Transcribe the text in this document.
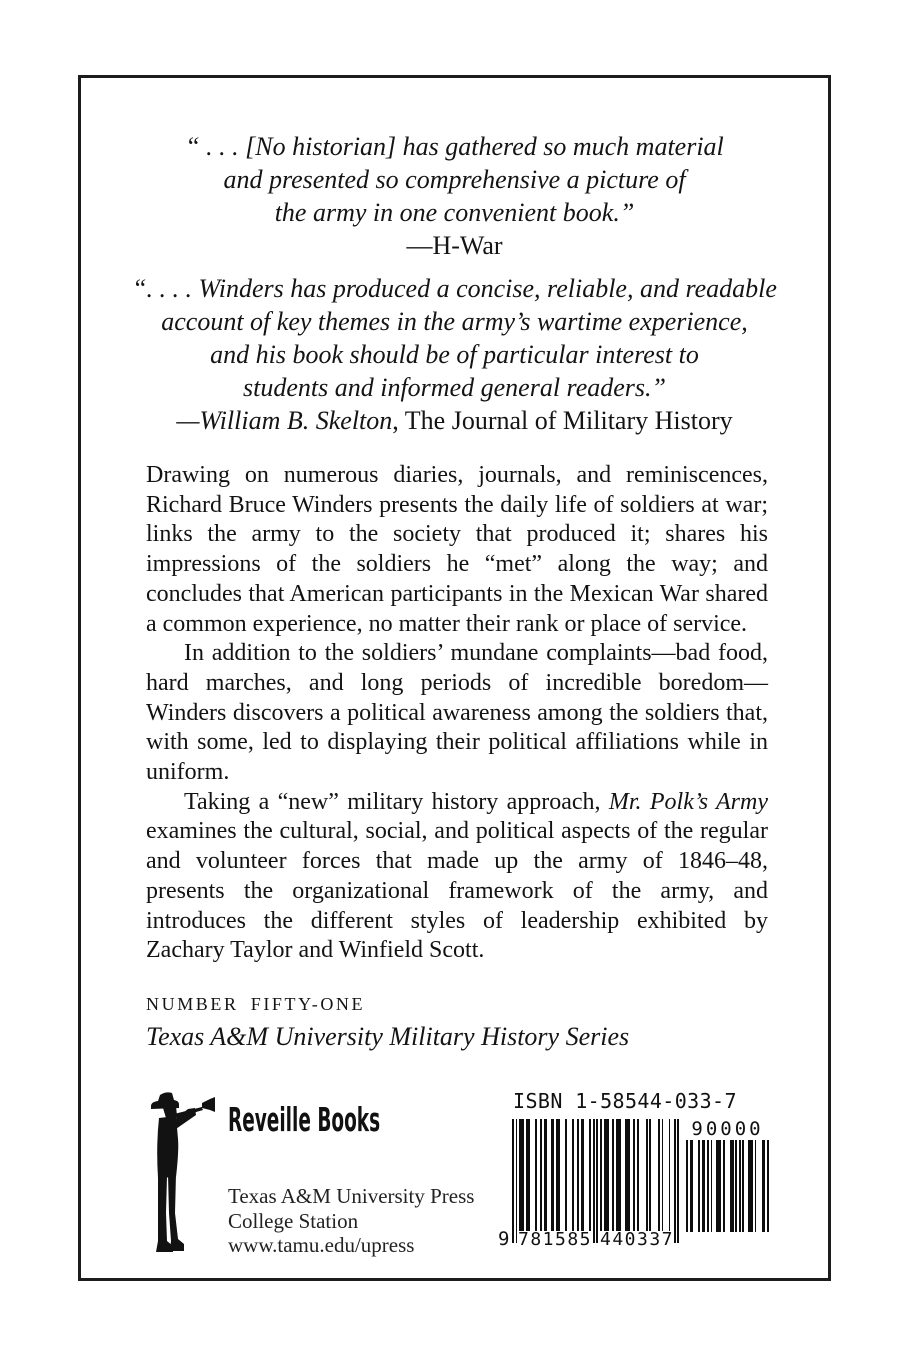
“ . . . [No historian] has gathered so much material
and presented so comprehensive a picture of
the army in one convenient book.”
—H-War
“. . . . Winders has produced a concise, reliable, and readable
account of key themes in the army’s wartime experience,
and his book should be of particular interest to
students and informed general readers.”
—William B. Skelton, The Journal of Military History

Drawing on numerous diaries, journals, and reminiscences, Richard Bruce Winders presents the daily life of soldiers at war; links the army to the society that produced it; shares his impressions of the soldiers he “met” along the way; and concludes that American participants in the Mexican War shared a common experience, no matter their rank or place of service.

In addition to the soldiers’ mundane complaints—bad food, hard marches, and long periods of incredible boredom—Winders discovers a political awareness among the soldiers that, with some, led to displaying their political affiliations while in uniform.

Taking a “new” military history approach, Mr. Polk’s Army examines the cultural, social, and political aspects of the regular and volunteer forces that made up the army of 1846–48, presents the organizational framework of the army, and introduces the different styles of leadership exhibited by Zachary Taylor and Winfield Scott.

NUMBER FIFTY-ONE
Texas A&M University Military History Series
Reveille Books
Texas A&M University Press
College Station
www.tamu.edu/upress
ISBN 1-58544-033-7
9 781585 440337
90000
